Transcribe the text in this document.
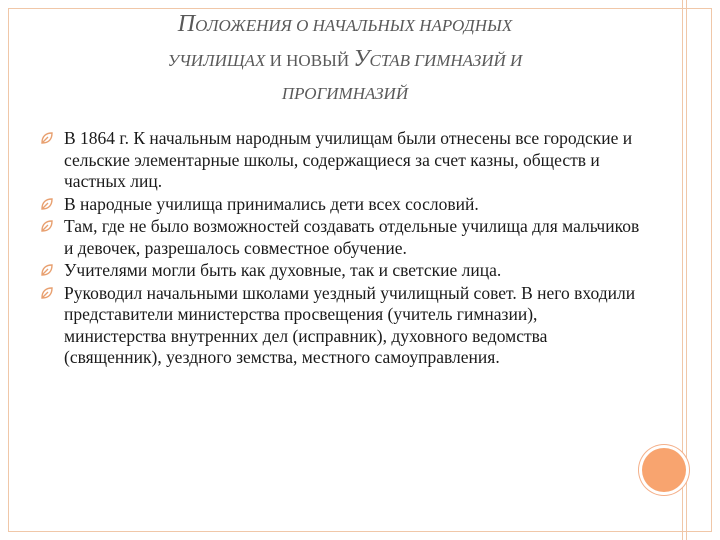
ПОЛОЖЕНИЯ О НАЧАЛЬНЫХ НАРОДНЫХ
УЧИЛИЩАХ И НОВЫЙ УСТАВ ГИМНАЗИЙ И
ПРОГИМНАЗИЙ
В 1864 г. К начальным народным училищам были отнесены все городские и сельские элементарные школы, содержащиеся за счет казны, обществ и частных лиц.
В народные училища принимались дети всех сословий.
Там, где не было возможностей создавать отдельные училища для мальчиков и девочек, разрешалось совместное обучение.
Учителями могли быть как духовные, так и светские лица.
Руководил начальными школами уездный училищный совет. В него входили представители министерства просвещения (учитель гимназии), министерства внутренних дел (исправник), духовного ведомства (священник), уездного земства, местного самоуправления.
